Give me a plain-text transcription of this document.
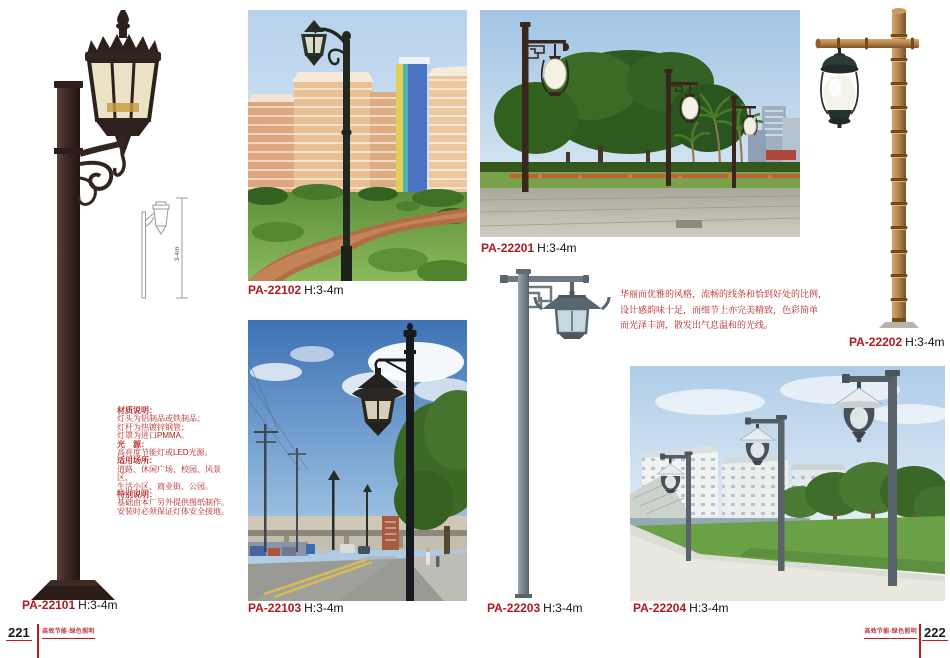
3-4m
材质说明：
灯头为铝制品或铁制品；
灯杆为热镀锌钢管；
灯罩为进口PMMA。
光　源：
高亮度节能灯或LED光源。
适用场所：
道路、休闲广场、校园、风景区、
生活小区、商业街、公园。
特别说明：
基础由本厂另外提供图纸制作。
安装时必须保证灯体安全接地。
PA-22101 H:3-4m
PA-22102 H:3-4m
PA-22103 H:3-4m
PA-22201 H:3-4m
华丽而优雅的风格，流畅的线条和恰到好处的比例，
设计感韵味十足，而细节上亦完美精致，色彩简单
而光泽丰润，散发出气息温和的光线。
PA-22202 H:3-4m
PA-22203 H:3-4m	PA-22204 H:3-4m
221	高效节能·绿色照明	高效节能·绿色照明 222
